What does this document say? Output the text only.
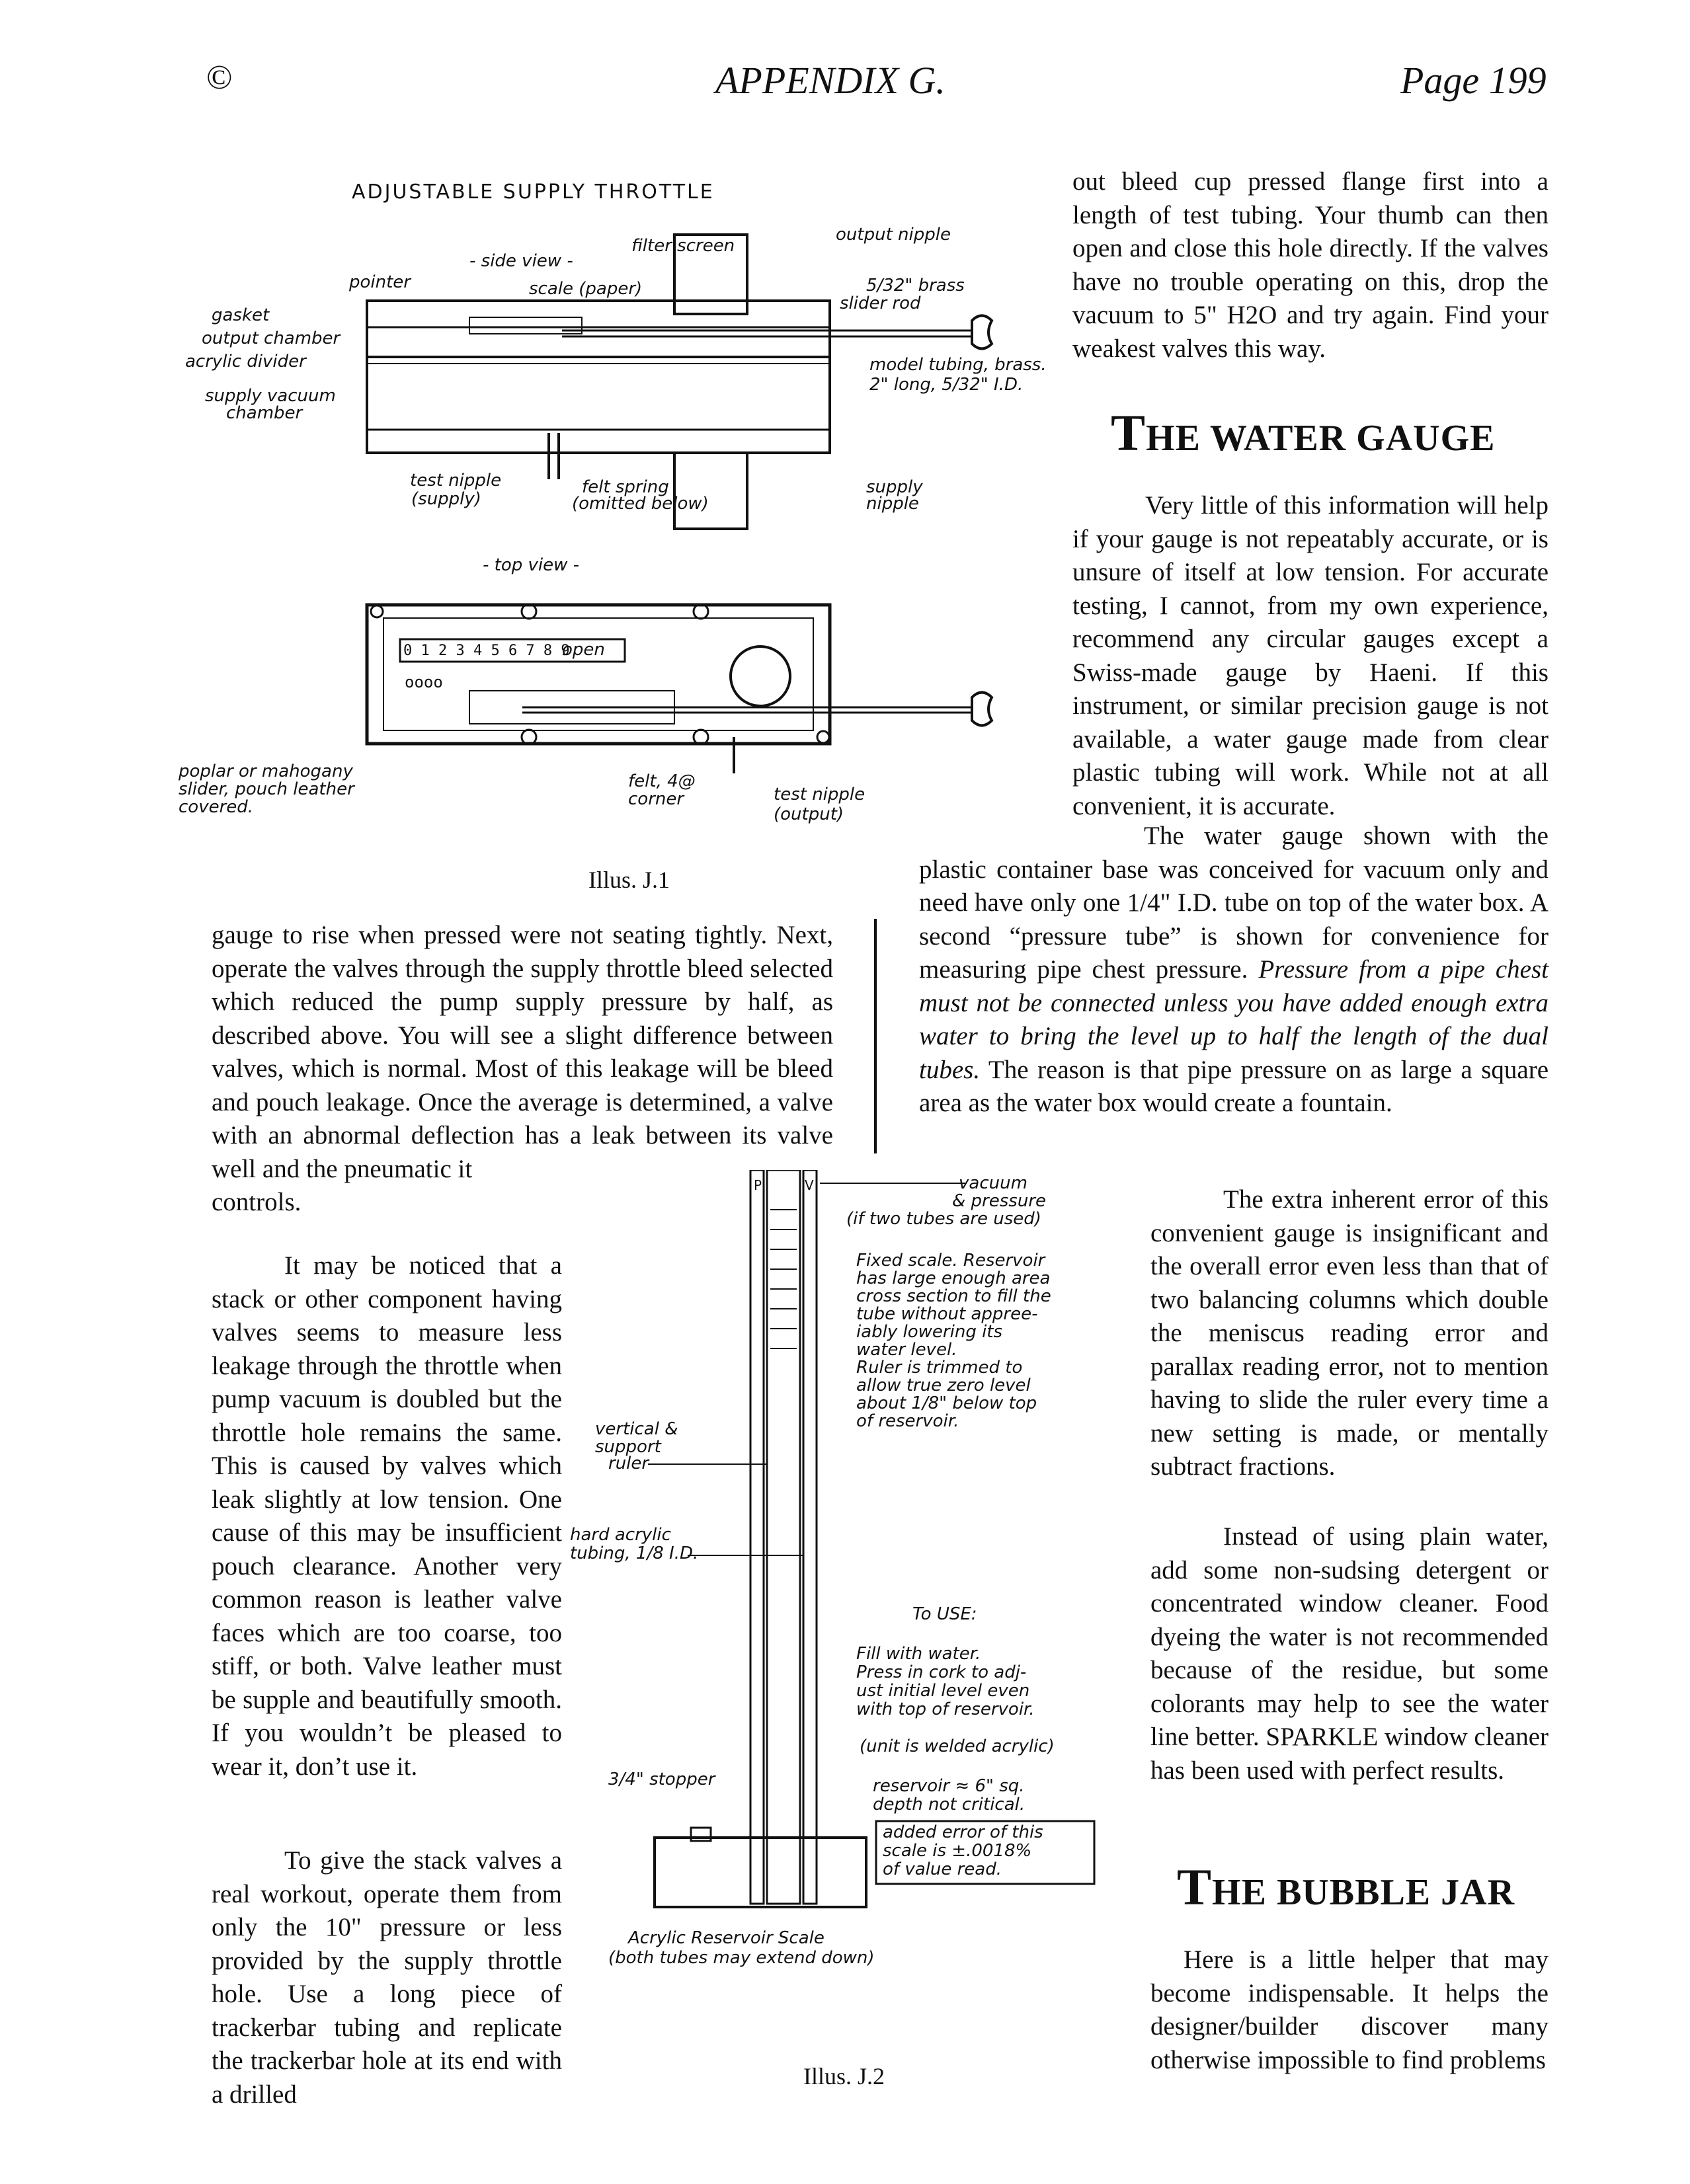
©	APPENDIX G.	Page 199
ADJUSTABLE SUPPLY THROTTLE
- side view -
filter screen
output nipple
pointer	scale (paper)	5/32" brass
slider rod
gasket
output chamber
acrylic divider
supply vacuum
chamber
model tubing, brass.
2" long, 5/32" I.D.
test nipple
(supply)
felt spring
(omitted below)
supply
nipple
- top view -
0 1 2 3 4 5 6 7 8 9
open
oooo
poplar or mahogany
slider, pouch leather
covered.
felt, 4@
corner	test nipple
(output)
Illus. J.1

out bleed cup pressed flange first into a length of test tubing. Your thumb can then open and close this hole directly. If the valves have no trouble operating on this, drop the vacuum to 5" H2O and try again. Find your weakest valves this way.

THE WATER GAUGE

Very little of this information will help if your gauge is not repeatably accurate, or is unsure of itself at low tension. For accurate testing, I cannot, from my own experience, recommend any circular gauges except a Swiss-made gauge by Haeni. If this instrument, or similar precision gauge is not available, a water gauge made from clear plastic tubing will work. While not at all convenient, it is accurate.

The water gauge shown with the plastic container base was conceived for vacuum only and need have only one 1/4" I.D. tube on top of the water box. A second “pressure tube” is shown for convenience for measuring pipe chest pressure. Pressure from a pipe chest must not be connected unless you have added enough extra water to bring the level up to half the length of the dual tubes. The reason is that pipe pressure on as large a square area as the water box would create a fountain.

gauge to rise when pressed were not seating tightly. Next, operate the valves through the supply throttle bleed selected which reduced the pump supply pressure by half, as described above. You will see a slight difference between valves, which is normal. Most of this leakage will be bleed and pouch leakage. Once the average is determined, a valve with an abnormal deflection has a leak between its valve well and the pneumatic it

controls.

It may be noticed that a stack or other component having valves seems to measure less leakage through the throttle when pump vacuum is doubled but the throttle hole remains the same. This is caused by valves which leak slightly at low tension. One cause of this may be insufficient pouch clearance. Another very common reason is leather valve faces which are too coarse, too stiff, or both. Valve leather must be supple and beautifully smooth. If you wouldn’t be pleased to wear it, don’t use it.

To give the stack valves a real workout, operate them from only the 10" pressure or less provided by the supply throttle hole. Use a long piece of trackerbar tubing and replicate the trackerbar hole at its end with a drilled

P	V	vacuum
& pressure
(if two tubes are used)
Fixed scale. Reservoir
has large enough area
cross section to fill the
tube without appree-
iably lowering its
water level.
Ruler is trimmed to
allow true zero level
about 1/8" below top
of reservoir.
vertical &
support
ruler
hard acrylic
tubing, 1/8 I.D.
To USE:
Fill with water.
Press in cork to adj-
ust initial level even
with top of reservoir.
(unit is welded acrylic)
3/4" stopper	reservoir ≈ 6" sq.
depth not critical.
added error of this
scale is ±.0018%
of value read.
Acrylic Reservoir Scale
(both tubes may extend down)
Illus. J.2

The extra inherent error of this convenient gauge is insignificant and the overall error even less than that of two balancing columns which double the meniscus reading error and parallax reading error, not to mention having to slide the ruler every time a new setting is made, or mentally subtract fractions.

Instead of using plain water, add some non-sudsing detergent or concentrated window cleaner. Food dyeing the water is not recommended because of the residue, but some colorants may help to see the water line better. SPARKLE window cleaner has been used with perfect results.

THE BUBBLE JAR

Here is a little helper that may become indispensable. It helps the designer/builder discover many otherwise impossible to find problems
